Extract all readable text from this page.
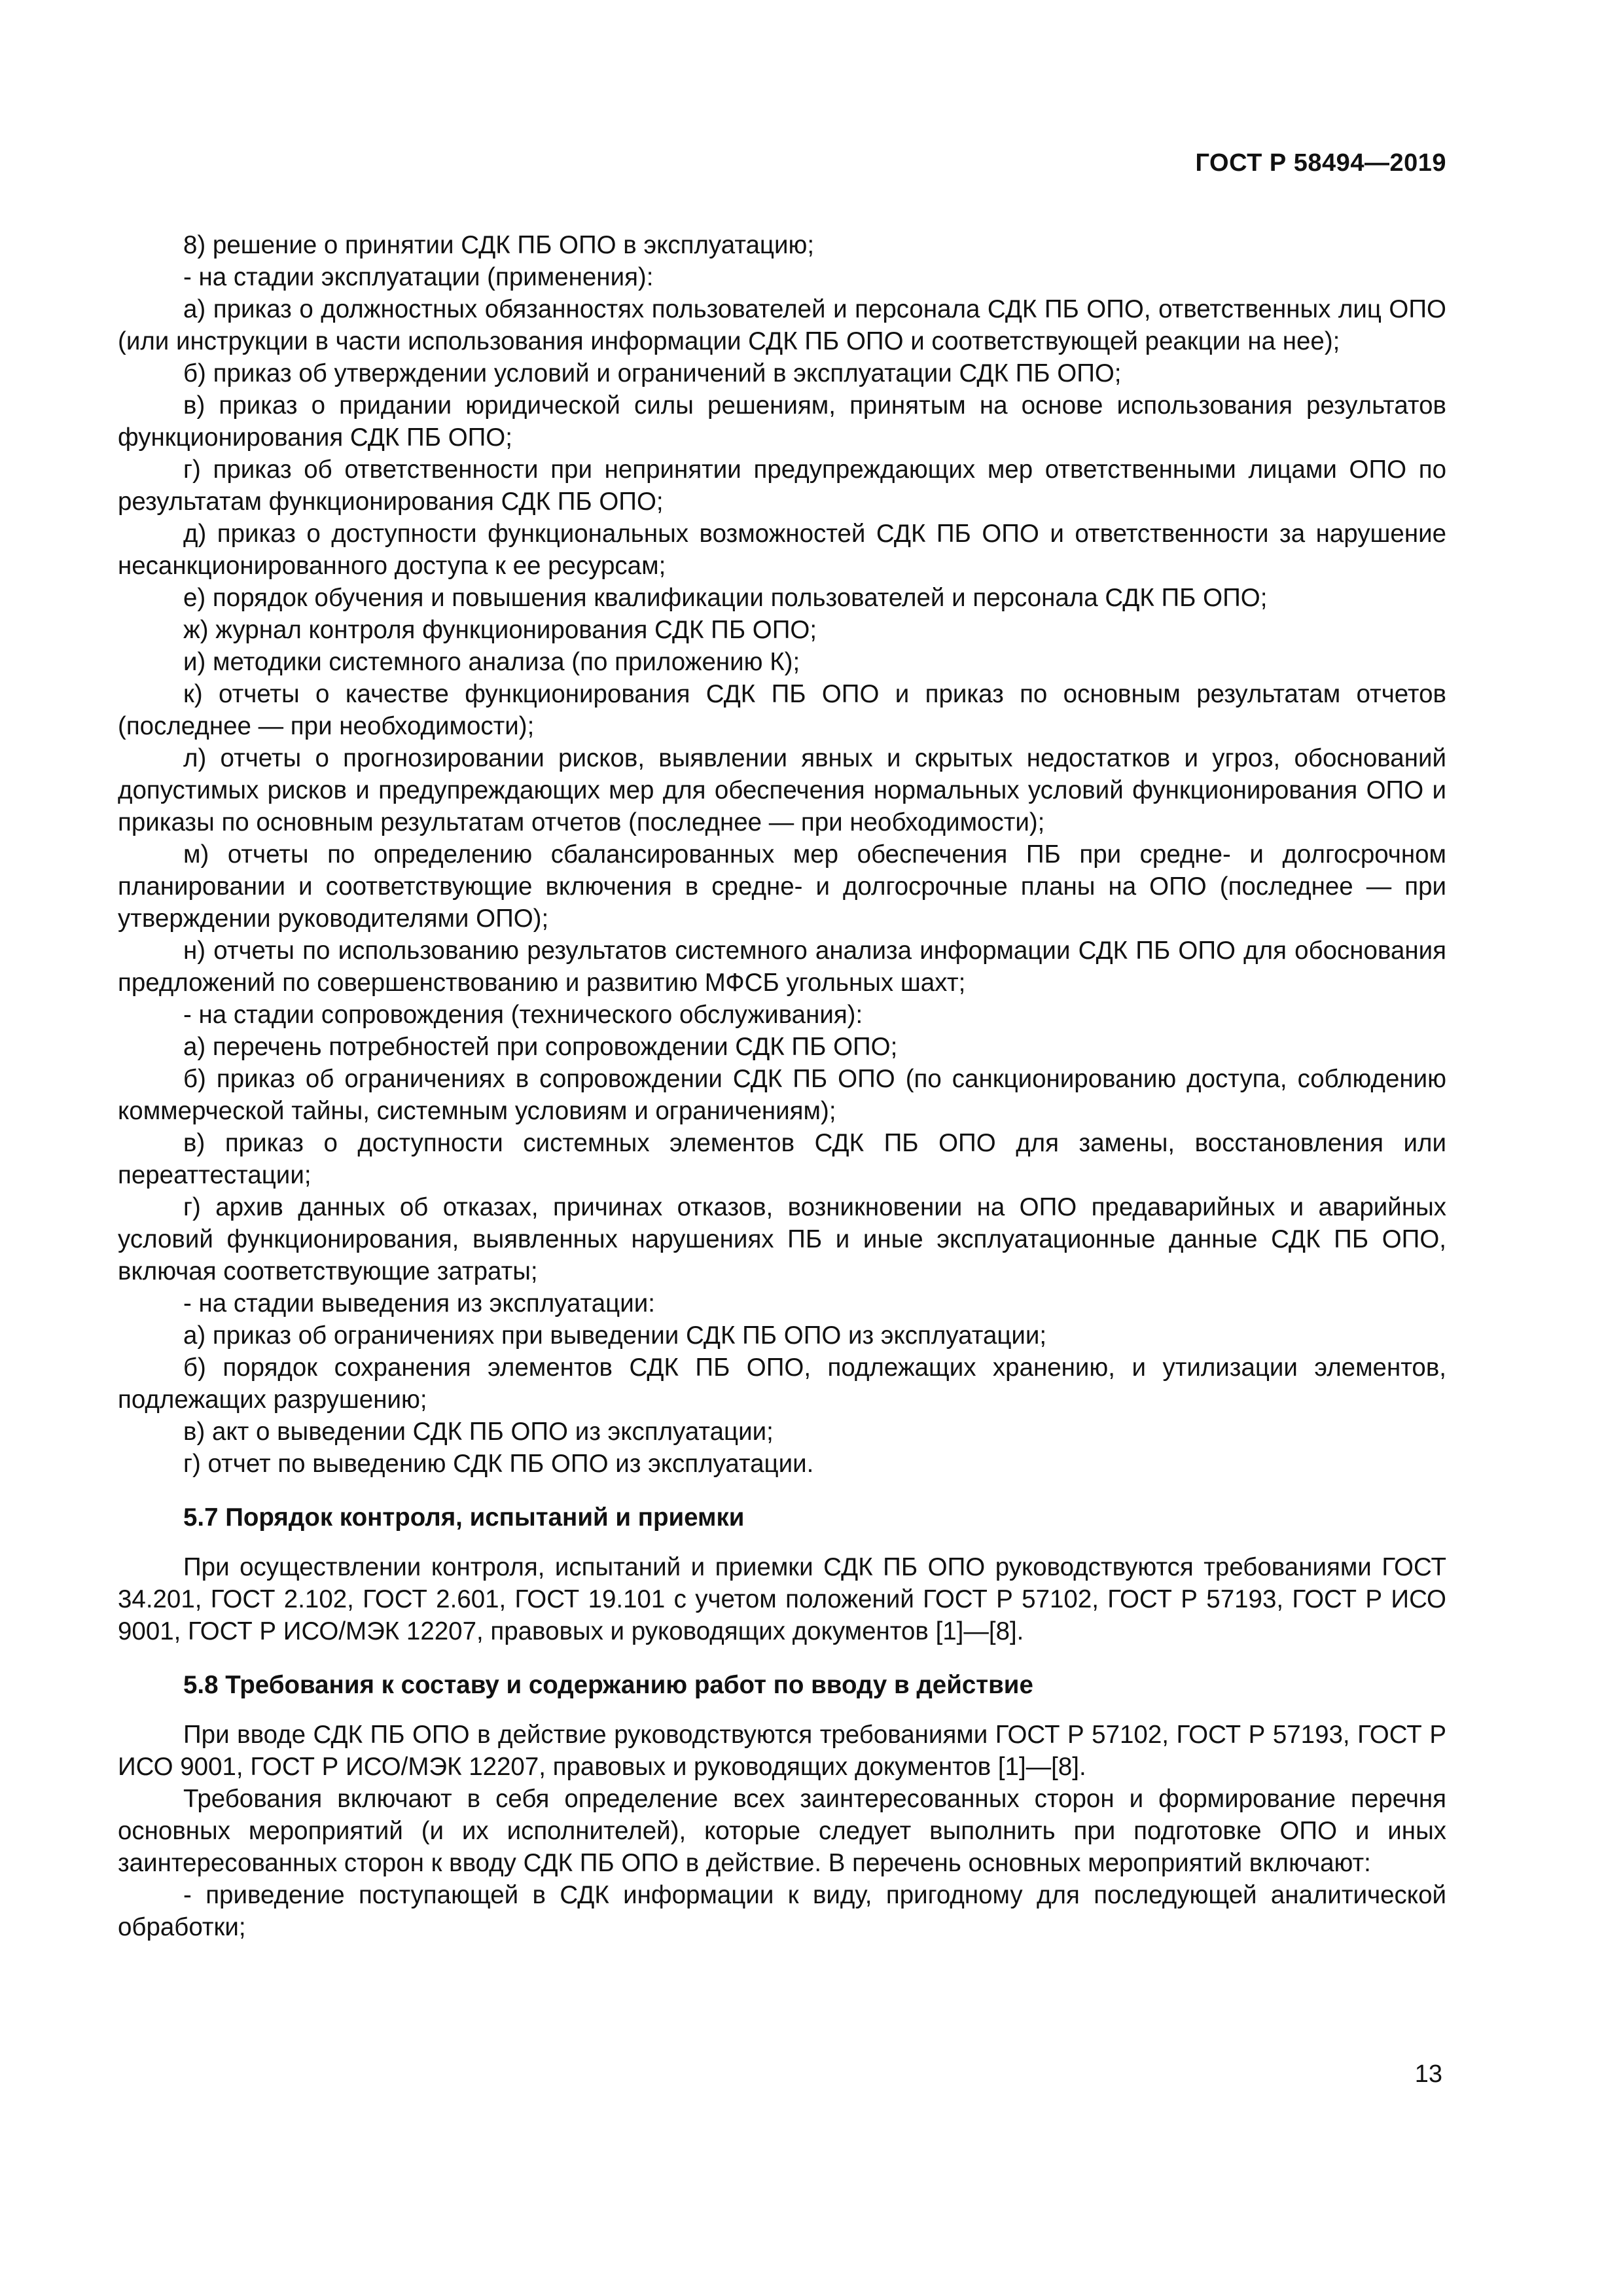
ГОСТ Р 58494—2019

8) решение о принятии СДК ПБ ОПО в эксплуатацию;

- на стадии эксплуатации (применения):

а) приказ о должностных обязанностях пользователей и персонала СДК ПБ ОПО, ответственных лиц ОПО (или инструкции в части использования информации СДК ПБ ОПО и соответствующей реакции на нее);

б) приказ об утверждении условий и ограничений в эксплуатации СДК ПБ ОПО;

в) приказ о придании юридической силы решениям, принятым на основе использования результатов функционирования СДК ПБ ОПО;

г) приказ об ответственности при непринятии предупреждающих мер ответственными лицами ОПО по результатам функционирования СДК ПБ ОПО;

д) приказ о доступности функциональных возможностей СДК ПБ ОПО и ответственности за нарушение несанкционированного доступа к ее ресурсам;

е) порядок обучения и повышения квалификации пользователей и персонала СДК ПБ ОПО;

ж) журнал контроля функционирования СДК ПБ ОПО;

и) методики системного анализа (по приложению К);

к) отчеты о качестве функционирования СДК ПБ ОПО и приказ по основным результатам отчетов (последнее — при необходимости);

л) отчеты о прогнозировании рисков, выявлении явных и скрытых недостатков и угроз, обоснований допустимых рисков и предупреждающих мер для обеспечения нормальных условий функционирования ОПО и приказы по основным результатам отчетов (последнее — при необходимости);

м) отчеты по определению сбалансированных мер обеспечения ПБ при средне- и долгосрочном планировании и соответствующие включения в средне- и долгосрочные планы на ОПО (последнее — при утверждении руководителями ОПО);

н) отчеты по использованию результатов системного анализа информации СДК ПБ ОПО для обоснования предложений по совершенствованию и развитию МФСБ угольных шахт;

- на стадии сопровождения (технического обслуживания):

а) перечень потребностей при сопровождении СДК ПБ ОПО;

б) приказ об ограничениях в сопровождении СДК ПБ ОПО (по санкционированию доступа, соблюдению коммерческой тайны, системным условиям и ограничениям);

в) приказ о доступности системных элементов СДК ПБ ОПО для замены, восстановления или переаттестации;

г) архив данных об отказах, причинах отказов, возникновении на ОПО предаварийных и аварийных условий функционирования, выявленных нарушениях ПБ и иные эксплуатационные данные СДК ПБ ОПО, включая соответствующие затраты;

- на стадии выведения из эксплуатации:

а) приказ об ограничениях при выведении СДК ПБ ОПО из эксплуатации;

б) порядок сохранения элементов СДК ПБ ОПО, подлежащих хранению, и утилизации элементов, подлежащих разрушению;

в) акт о выведении СДК ПБ ОПО из эксплуатации;

г) отчет по выведению СДК ПБ ОПО из эксплуатации.

5.7 Порядок контроля, испытаний и приемки

При осуществлении контроля, испытаний и приемки СДК ПБ ОПО руководствуются требованиями ГОСТ 34.201, ГОСТ 2.102, ГОСТ 2.601, ГОСТ 19.101 с учетом положений ГОСТ Р 57102, ГОСТ Р 57193, ГОСТ Р ИСО 9001, ГОСТ Р ИСО/МЭК 12207, правовых и руководящих документов [1]—[8].

5.8 Требования к составу и содержанию работ по вводу в действие

При вводе СДК ПБ ОПО в действие руководствуются требованиями ГОСТ Р 57102, ГОСТ Р 57193, ГОСТ Р ИСО 9001, ГОСТ Р ИСО/МЭК 12207, правовых и руководящих документов [1]—[8].

Требования включают в себя определение всех заинтересованных сторон и формирование перечня основных мероприятий (и их исполнителей), которые следует выполнить при подготовке ОПО и иных заинтересованных сторон к вводу СДК ПБ ОПО в действие. В перечень основных мероприятий включают:

- приведение поступающей в СДК информации к виду, пригодному для последующей аналитической обработки;

13
